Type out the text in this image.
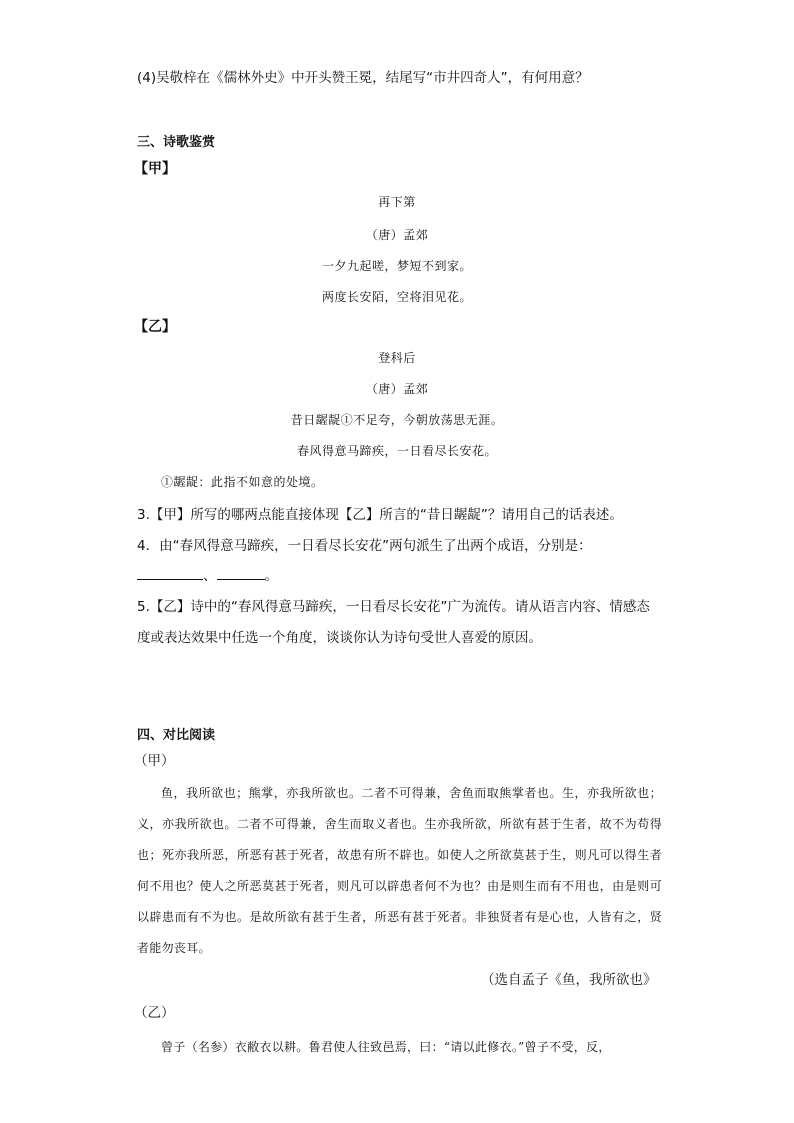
(4)吴敬梓在《儒林外史》中开头赞王冕，结尾写“市井四奇人”，有何用意？
三、诗歌鉴赏
【甲】
再下第
（唐）孟郊
一夕九起嗟，梦短不到家。
两度长安陌，空将泪见花。
【乙】
登科后
（唐）孟郊
昔日龌龊①不足夸，今朝放荡思无涯。
春风得意马蹄疾，一日看尽长安花。
①龌龊：此指不如意的处境。
3.【甲】所写的哪两点能直接体现【乙】所言的“昔日龌龊”？请用自己的话表述。
4．由“春风得意马蹄疾，一日看尽长安花”两句派生了出两个成语，分别是：
、	。
5.【乙】诗中的“春风得意马蹄疾，一日看尽长安花”广为流传。请从语言内容、情感态
度或表达效果中任选一个角度，谈谈你认为诗句受世人喜爱的原因。
四、对比阅读
（甲）

鱼，我所欲也；熊掌，亦我所欲也。二者不可得兼，舍鱼而取熊掌者也。生，亦我所欲也；义，亦我所欲也。二者不可得兼，舍生而取义者也。生亦我所欲，所欲有甚于生者，故不为苟得也；死亦我所恶，所恶有甚于死者，故患有所不辟也。如使人之所欲莫甚于生，则凡可以得生者何不用也？使人之所恶莫甚于死者，则凡可以辟患者何不为也？由是则生而有不用也，由是则可以辟患而有不为也。是故所欲有甚于生者，所恶有甚于死者。非独贤者有是心也，人皆有之，贤者能勿丧耳。

（选自孟子《鱼，我所欲也》
（乙）

曾子（名参）衣敝衣以耕。鲁君使人往致邑焉，曰：“请以此修衣。”曾子不受，反，
